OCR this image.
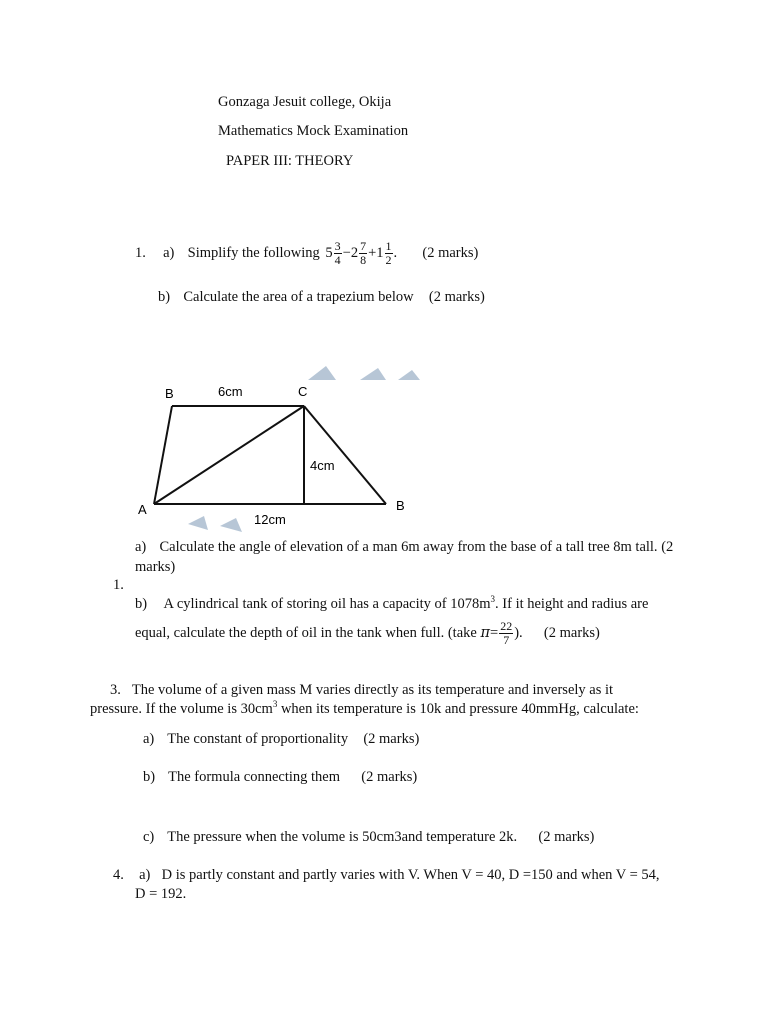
Gonzaga Jesuit college, Okija
Mathematics Mock Examination
PAPER III: THEORY
1. a) Simplify the following $5 \frac{3}{4} -2 \frac{7}{8} +1 \frac{1}{2}$ . (2 marks)
b) Calculate the area of a trapezium below (2 marks)
B	6cm	C
4cm
A	B
12cm
a) Calculate the angle of elevation of a man 6m away from the base of a tall tree 8m tall. (2 marks)
1.
b) A cylindrical tank of storing oil has a capacity of $1078m^3$. If it height and radius are
equal, calculate the depth of oil in the tank when full. (take $\pi= \frac{22}{7}$ ). (2 marks)
3. The volume of a given mass M varies directly as its temperature and inversely as it
pressure. If the volume is $30cm^3$ when its temperature is 10k and pressure 40mmHg, calculate:
a) The constant of proportionality (2 marks)
b) The formula connecting them (2 marks)
c) The pressure when the volume is 50cm3and temperature 2k. (2 marks)
4. a) D is partly constant and partly varies with V. When V = 40, D =150 and when V = 54,
D = 192.
